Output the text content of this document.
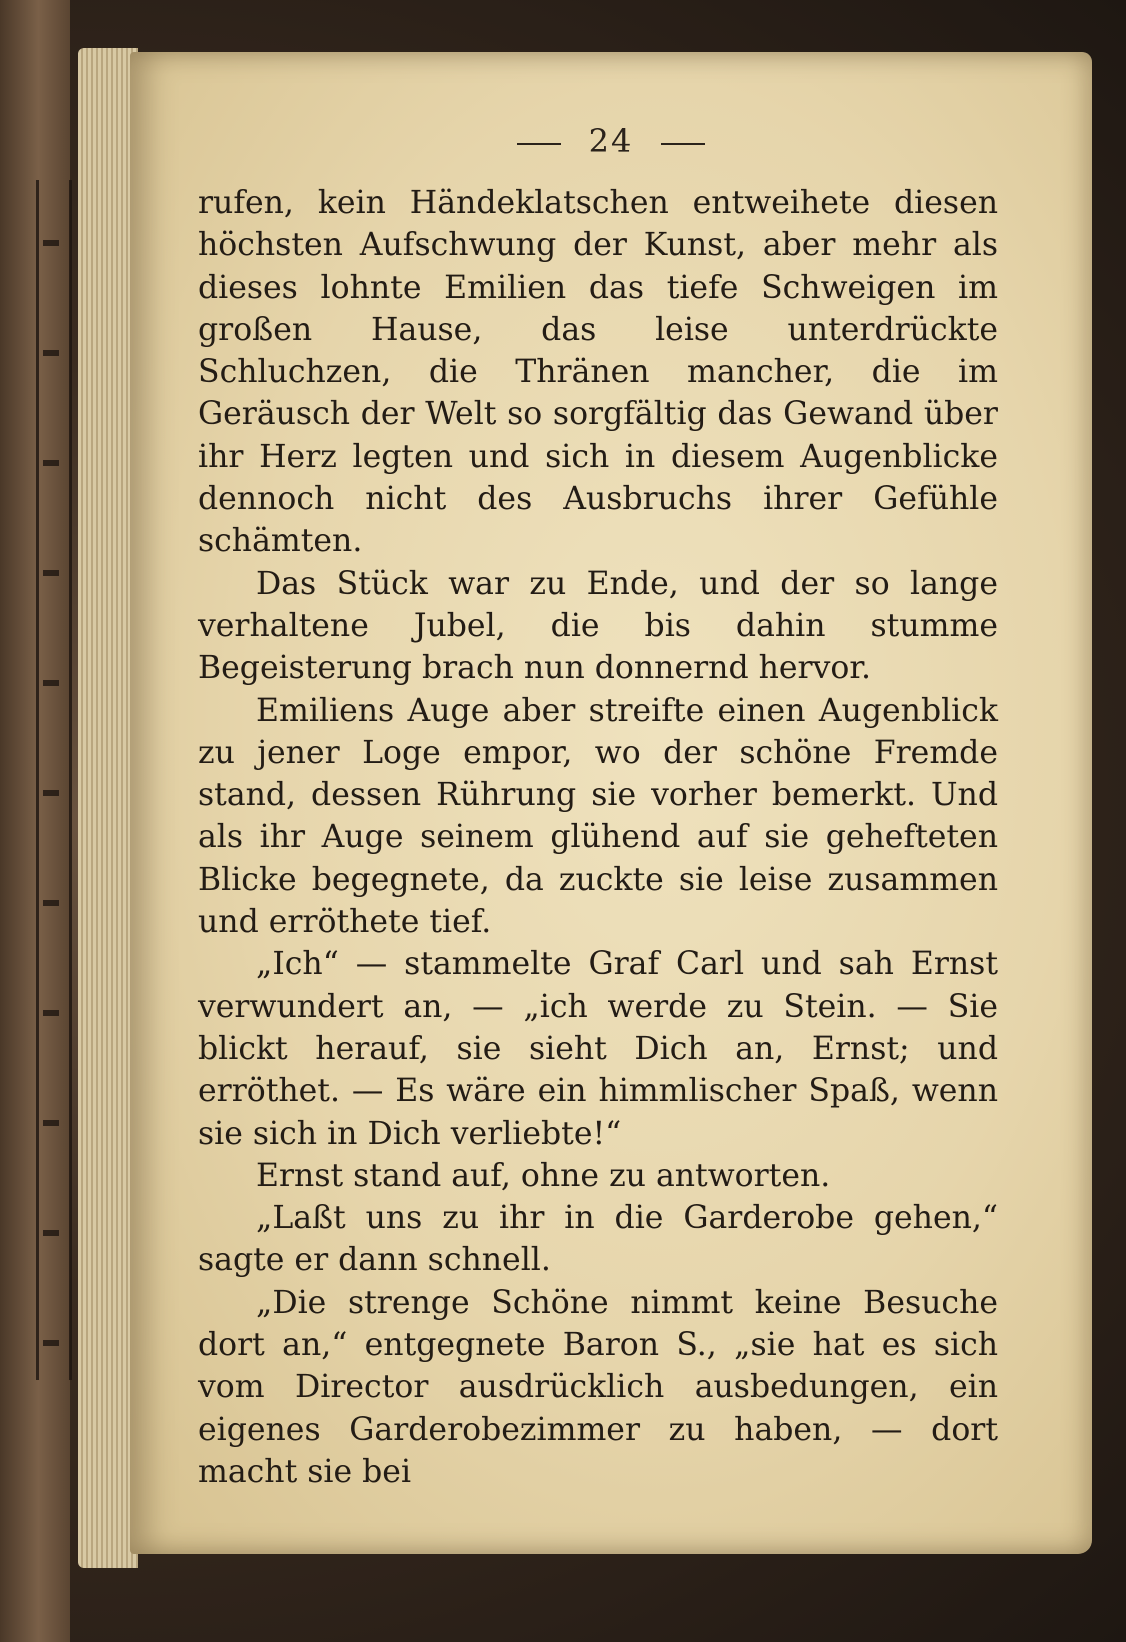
24

rufen, kein Händeklatschen entweihete diesen höchsten Aufschwung der Kunst, aber mehr als dieses lohnte Emilien das tiefe Schweigen im großen Hause, das leise unterdrückte Schluchzen, die Thränen mancher, die im Geräusch der Welt so sorgfältig das Gewand über ihr Herz legten und sich in diesem Augenblicke dennoch nicht des Ausbruchs ihrer Gefühle schämten.

Das Stück war zu Ende, und der so lange verhaltene Jubel, die bis dahin stumme Begeisterung brach nun donnernd hervor.

Emiliens Auge aber streifte einen Augenblick zu jener Loge empor, wo der schöne Fremde stand, dessen Rührung sie vorher bemerkt. Und als ihr Auge seinem glühend auf sie gehefteten Blicke begegnete, da zuckte sie leise zusammen und erröthete tief.

„Ich“ — stammelte Graf Carl und sah Ernst verwundert an, — „ich werde zu Stein. — Sie blickt herauf, sie sieht Dich an, Ernst; und erröthet. — Es wäre ein himmlischer Spaß, wenn sie sich in Dich verliebte!“

Ernst stand auf, ohne zu antworten.

„Laßt uns zu ihr in die Garderobe gehen,“ sagte er dann schnell.

„Die strenge Schöne nimmt keine Besuche dort an,“ entgegnete Baron S., „sie hat es sich vom Director ausdrücklich ausbedungen, ein eigenes Garderobezimmer zu haben, — dort macht sie bei
